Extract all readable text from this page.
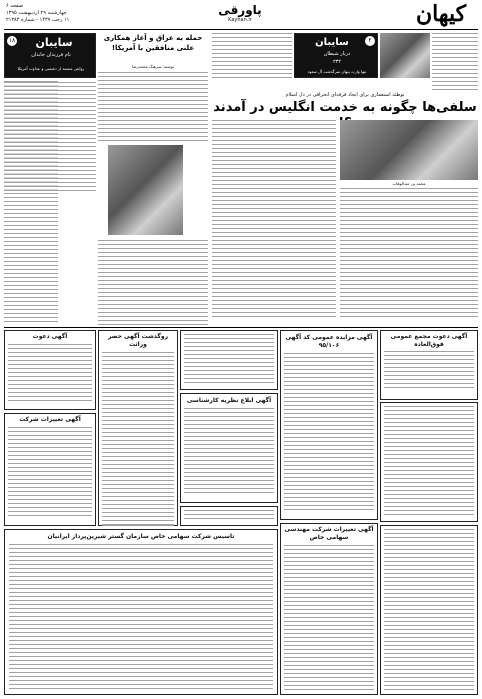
کیهان
پاورقی
Kayhan.ir
صفحه ۶
چهارشنبه ۲۹ اردیبهشت ۱۳۹۵
۱۱ رجب ۱۴۳۷ - شماره ۲۱۳۸۴
۱۸	سایبان
نام فرزندان خاندان
روایتی مستند از دشمنی و عداوت آمریکا
حمله به عراق و آغاز همکاری علنی منافقین با آمریکا!
نوشته: سرهنگ محمدرضا
۲
سایبان
دربار شیطان
۲۳۲
تنها وارث پنهان سرگذشت آل سعود
توطئه استعماری برای ایجاد فرقه‌ای انحرافی در دل اسلام
سلفی‌ها چگونه به خدمت انگلیس در آمدند
محمد بن عبدالوهاب
آگهی دعوت مجمع عمومی فوق‌العاده
آگهی مزایده عمومی کد آگهی ۹۵/۱۰۶
آگهی تغییرات شرکت مهندسی سهامی خاص
آگهی ابلاغ نظریه کارشناسی
روگذشت آگهی حصر وراثت
آگهی دعوت
آگهی تغییرات شرکت
تاسیس شرکت سهامی خاص سازمان گستر شیرین‌پرداز ایرانیان
